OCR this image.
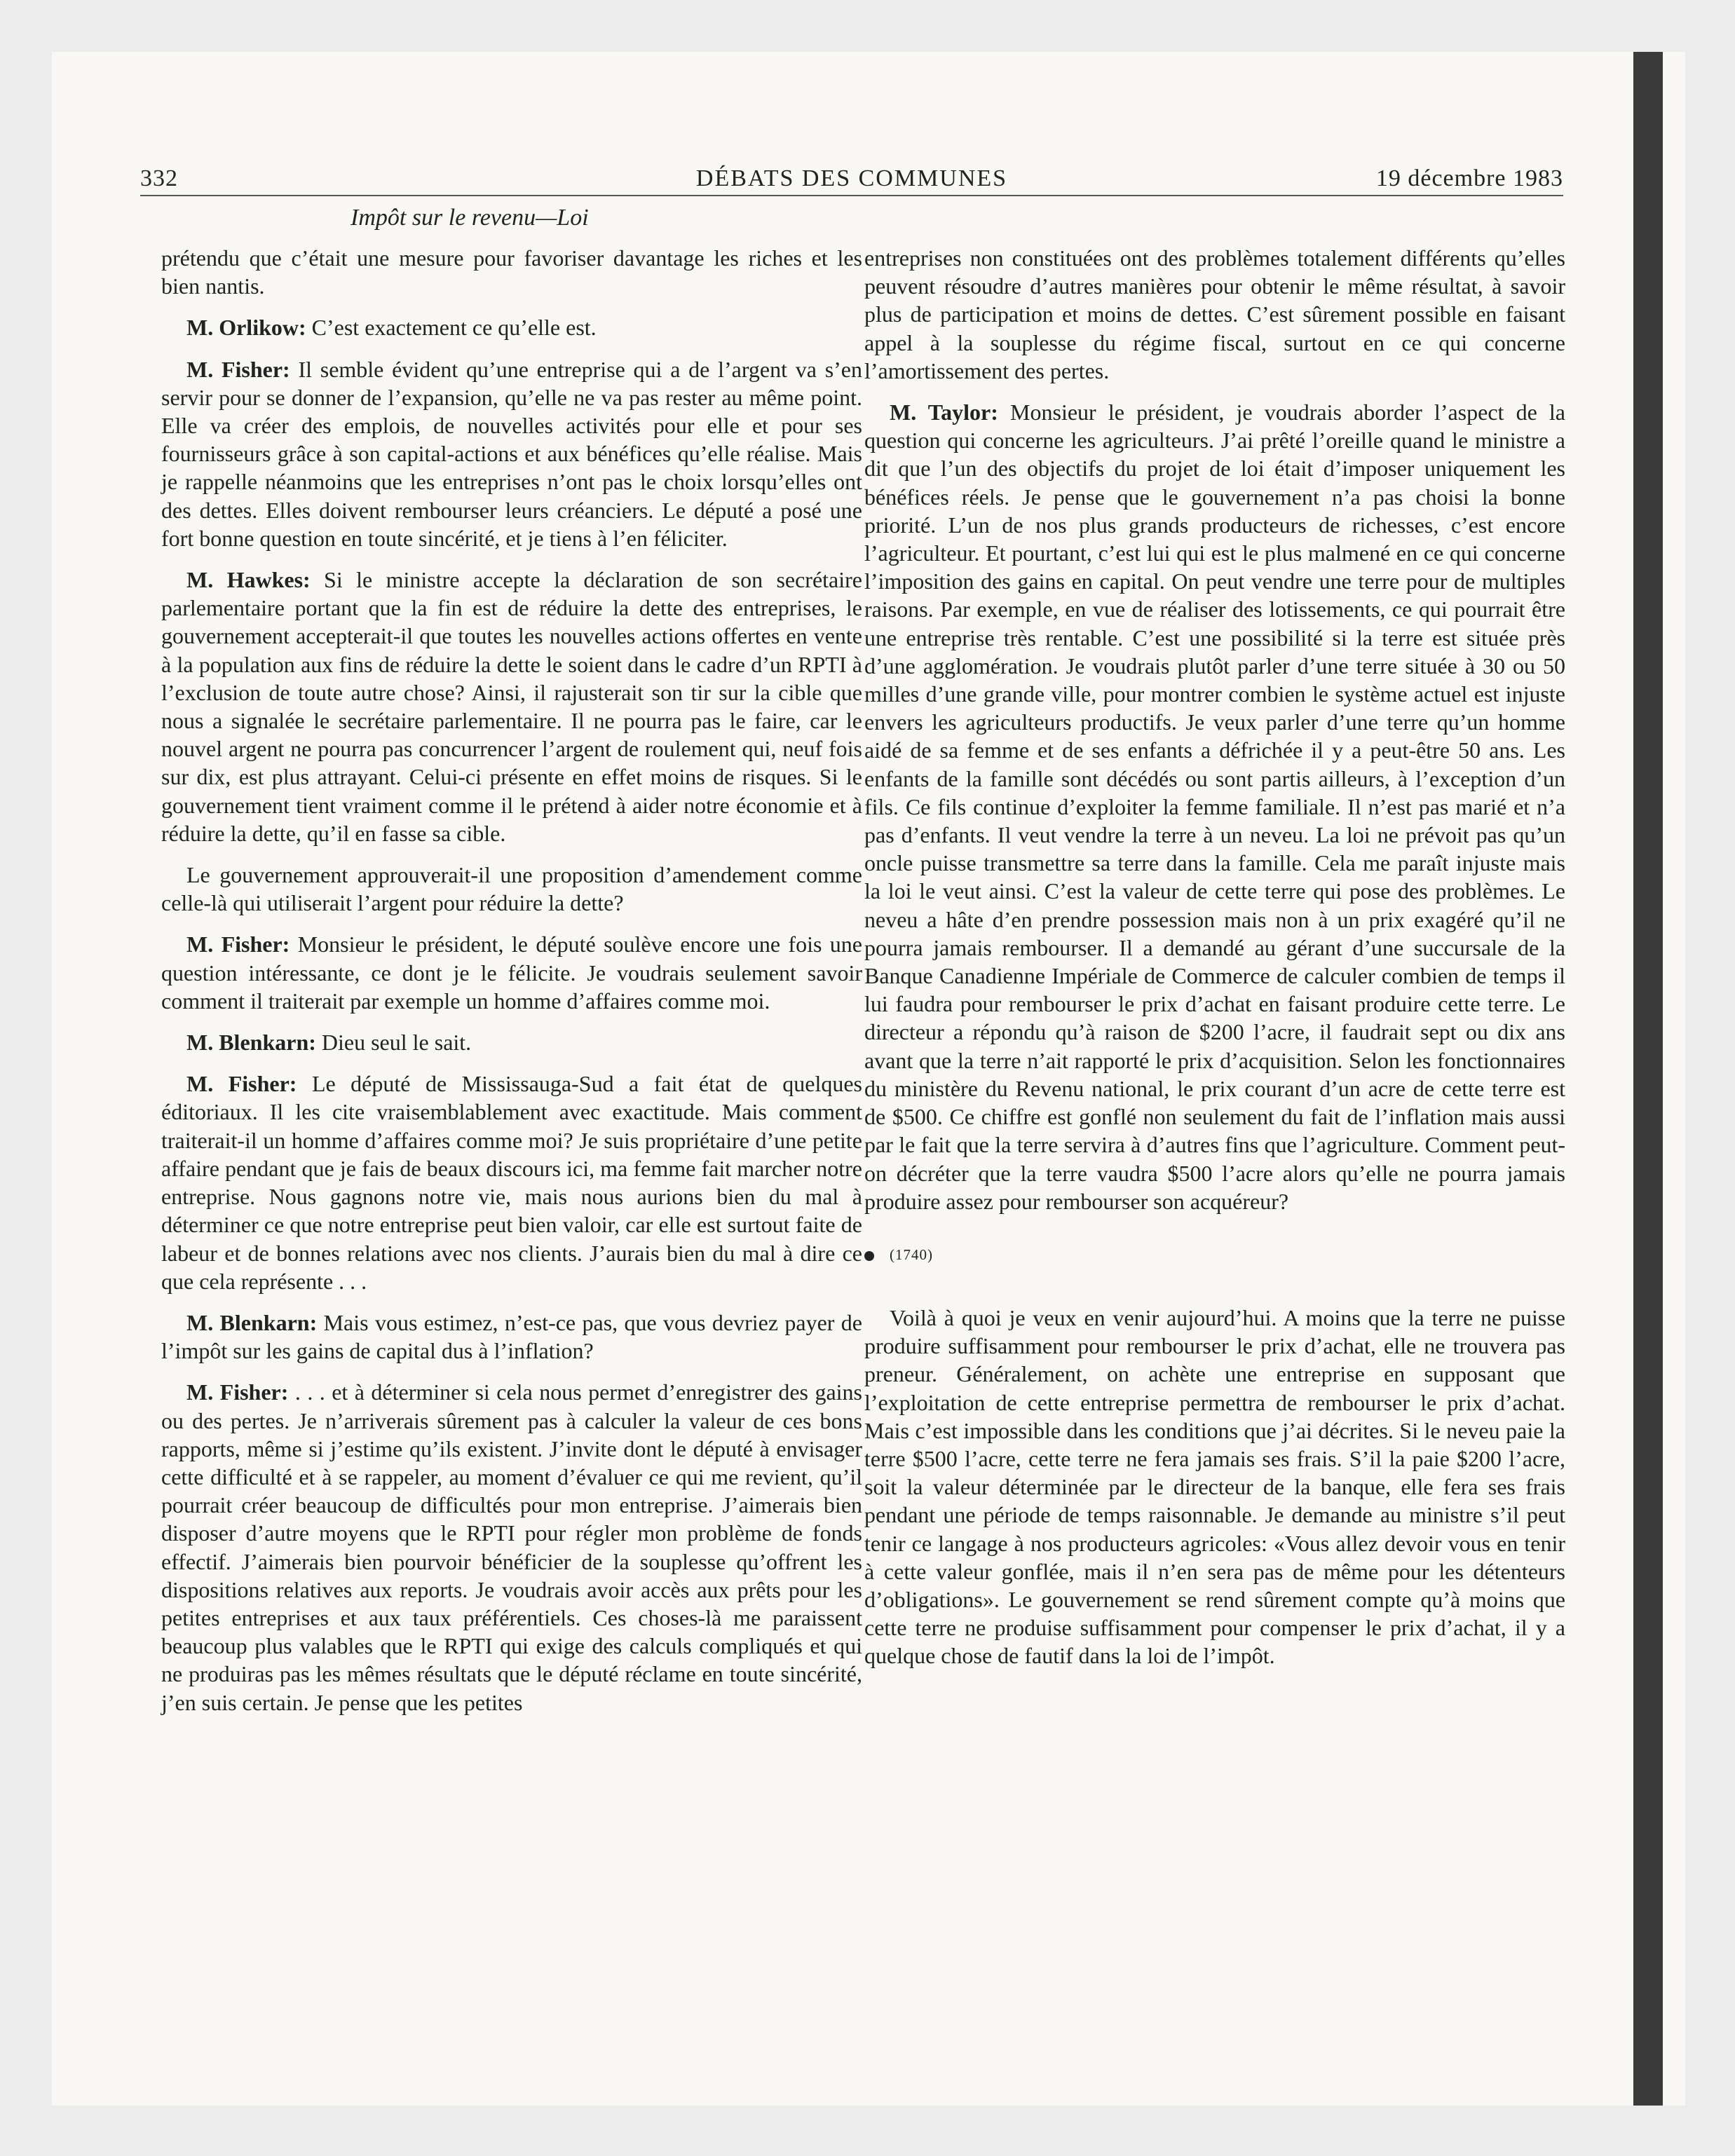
332	DÉBATS DES COMMUNES	19 décembre 1983
Impôt sur le revenu—Loi

prétendu que c’était une mesure pour favoriser davantage les riches et les bien nantis.

M. Orlikow: C’est exactement ce qu’elle est.

M. Fisher: Il semble évident qu’une entreprise qui a de l’argent va s’en servir pour se donner de l’expansion, qu’elle ne va pas rester au même point. Elle va créer des emplois, de nouvelles activités pour elle et pour ses fournisseurs grâce à son capital-actions et aux bénéfices qu’elle réalise. Mais je rappelle néanmoins que les entreprises n’ont pas le choix lorsqu’elles ont des dettes. Elles doivent rembourser leurs créanciers. Le député a posé une fort bonne question en toute sincérité, et je tiens à l’en féliciter.

M. Hawkes: Si le ministre accepte la déclaration de son secrétaire parlementaire portant que la fin est de réduire la dette des entreprises, le gouvernement accepterait-il que toutes les nouvelles actions offertes en vente à la population aux fins de réduire la dette le soient dans le cadre d’un RPTI à l’exclusion de toute autre chose? Ainsi, il rajusterait son tir sur la cible que nous a signalée le secrétaire parlementaire. Il ne pourra pas le faire, car le nouvel argent ne pourra pas concurrencer l’argent de roulement qui, neuf fois sur dix, est plus attrayant. Celui-ci présente en effet moins de risques. Si le gouvernement tient vraiment comme il le prétend à aider notre économie et à réduire la dette, qu’il en fasse sa cible.

Le gouvernement approuverait-il une proposition d’amendement comme celle-là qui utiliserait l’argent pour réduire la dette?

M. Fisher: Monsieur le président, le député soulève encore une fois une question intéressante, ce dont je le félicite. Je voudrais seulement savoir comment il traiterait par exemple un homme d’affaires comme moi.

M. Blenkarn: Dieu seul le sait.

M. Fisher: Le député de Mississauga-Sud a fait état de quelques éditoriaux. Il les cite vraisemblablement avec exactitude. Mais comment traiterait-il un homme d’affaires comme moi? Je suis propriétaire d’une petite affaire pendant que je fais de beaux discours ici, ma femme fait marcher notre entreprise. Nous gagnons notre vie, mais nous aurions bien du mal à déterminer ce que notre entreprise peut bien valoir, car elle est surtout faite de labeur et de bonnes relations avec nos clients. J’aurais bien du mal à dire ce que cela représente . . .

M. Blenkarn: Mais vous estimez, n’est-ce pas, que vous devriez payer de l’impôt sur les gains de capital dus à l’inflation?

M. Fisher: . . . et à déterminer si cela nous permet d’enregistrer des gains ou des pertes. Je n’arriverais sûrement pas à calculer la valeur de ces bons rapports, même si j’estime qu’ils existent. J’invite dont le député à envisager cette difficulté et à se rappeler, au moment d’évaluer ce qui me revient, qu’il pourrait créer beaucoup de difficultés pour mon entreprise. J’aimerais bien disposer d’autre moyens que le RPTI pour régler mon problème de fonds effectif. J’aimerais bien pourvoir bénéficier de la souplesse qu’offrent les dispositions relatives aux reports. Je voudrais avoir accès aux prêts pour les petites entreprises et aux taux préférentiels. Ces choses-là me paraissent beaucoup plus valables que le RPTI qui exige des calculs compliqués et qui ne produiras pas les mêmes résultats que le député réclame en toute sincérité, j’en suis certain. Je pense que les petites

entreprises non constituées ont des problèmes totalement différents qu’elles peuvent résoudre d’autres manières pour obtenir le même résultat, à savoir plus de participation et moins de dettes. C’est sûrement possible en faisant appel à la souplesse du régime fiscal, surtout en ce qui concerne l’amortissement des pertes.

M. Taylor: Monsieur le président, je voudrais aborder l’aspect de la question qui concerne les agriculteurs. J’ai prêté l’oreille quand le ministre a dit que l’un des objectifs du projet de loi était d’imposer uniquement les bénéfices réels. Je pense que le gouvernement n’a pas choisi la bonne priorité. L’un de nos plus grands producteurs de richesses, c’est encore l’agriculteur. Et pourtant, c’est lui qui est le plus malmené en ce qui concerne l’imposition des gains en capital. On peut vendre une terre pour de multiples raisons. Par exemple, en vue de réaliser des lotissements, ce qui pourrait être une entreprise très rentable. C’est une possibilité si la terre est située près d’une agglomération. Je voudrais plutôt parler d’une terre située à 30 ou 50 milles d’une grande ville, pour montrer combien le système actuel est injuste envers les agriculteurs productifs. Je veux parler d’une terre qu’un homme aidé de sa femme et de ses enfants a défrichée il y a peut-être 50 ans. Les enfants de la famille sont décédés ou sont partis ailleurs, à l’exception d’un fils. Ce fils continue d’exploiter la femme familiale. Il n’est pas marié et n’a pas d’enfants. Il veut vendre la terre à un neveu. La loi ne prévoit pas qu’un oncle puisse transmettre sa terre dans la famille. Cela me paraît injuste mais la loi le veut ainsi. C’est la valeur de cette terre qui pose des problèmes. Le neveu a hâte d’en prendre possession mais non à un prix exagéré qu’il ne pourra jamais rembourser. Il a demandé au gérant d’une succursale de la Banque Canadienne Impériale de Commerce de calculer combien de temps il lui faudra pour rembourser le prix d’achat en faisant produire cette terre. Le directeur a répondu qu’à raison de $200 l’acre, il faudrait sept ou dix ans avant que la terre n’ait rapporté le prix d’acquisition. Selon les fonctionnaires du ministère du Revenu national, le prix courant d’un acre de cette terre est de $500. Ce chiffre est gonflé non seulement du fait de l’inflation mais aussi par le fait que la terre servira à d’autres fins que l’agriculture. Comment peut-on décréter que la terre vaudra $500 l’acre alors qu’elle ne pourra jamais produire assez pour rembourser son acquéreur?

(1740)

Voilà à quoi je veux en venir aujourd’hui. A moins que la terre ne puisse produire suffisamment pour rembourser le prix d’achat, elle ne trouvera pas preneur. Généralement, on achète une entreprise en supposant que l’exploitation de cette entreprise permettra de rembourser le prix d’achat. Mais c’est impossible dans les conditions que j’ai décrites. Si le neveu paie la terre $500 l’acre, cette terre ne fera jamais ses frais. S’il la paie $200 l’acre, soit la valeur déterminée par le directeur de la banque, elle fera ses frais pendant une période de temps raisonnable. Je demande au ministre s’il peut tenir ce langage à nos producteurs agricoles: «Vous allez devoir vous en tenir à cette valeur gonflée, mais il n’en sera pas de même pour les détenteurs d’obligations». Le gouvernement se rend sûrement compte qu’à moins que cette terre ne produise suffisamment pour compenser le prix d’achat, il y a quelque chose de fautif dans la loi de l’impôt.
